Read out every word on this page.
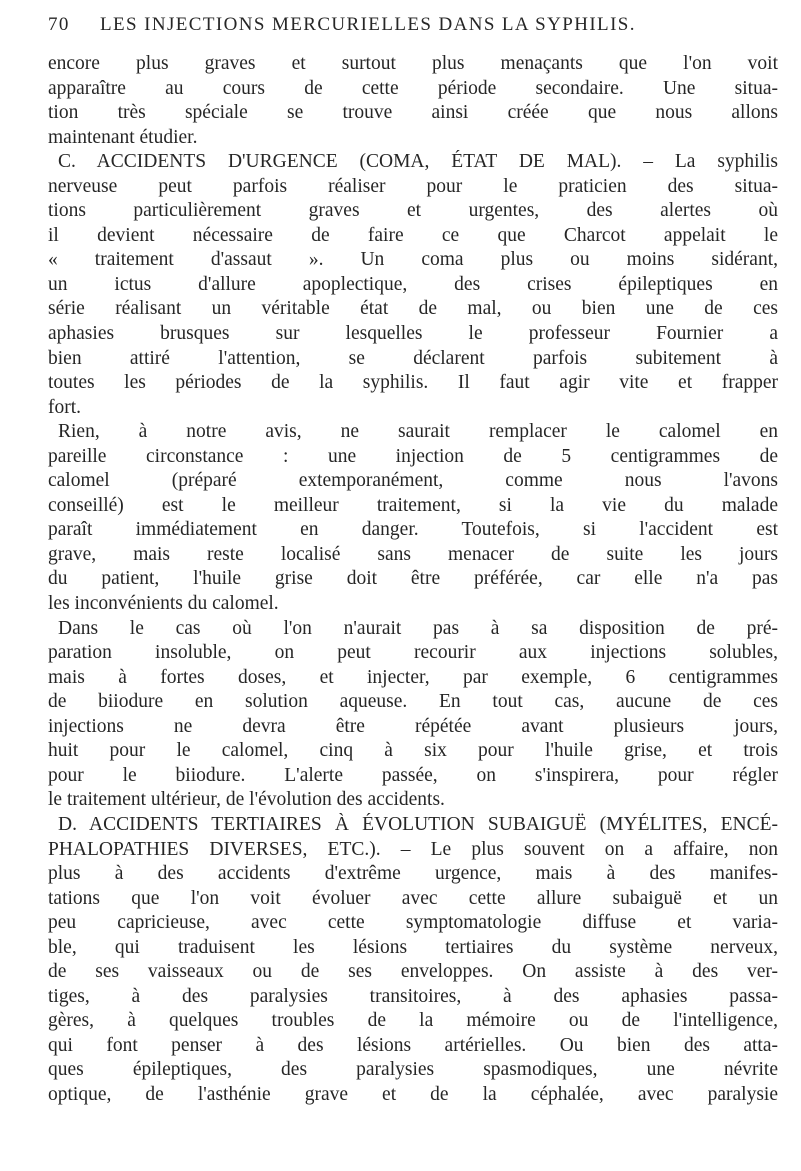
70 LES INJECTIONS MERCURIELLES DANS LA SYPHILIS.
encore plus graves et surtout plus menaçants que l'on voit
apparaître au cours de cette période secondaire. Une situa-
tion très spéciale se trouve ainsi créée que nous allons
maintenant étudier.
C. ACCIDENTS D'URGENCE (COMA, ÉTAT DE MAL). – La syphilis
nerveuse peut parfois réaliser pour le praticien des situa-
tions particulièrement graves et urgentes, des alertes où
il devient nécessaire de faire ce que Charcot appelait le
« traitement d'assaut ». Un coma plus ou moins sidérant,
un ictus d'allure apoplectique, des crises épileptiques en
série réalisant un véritable état de mal, ou bien une de ces
aphasies brusques sur lesquelles le professeur Fournier a
bien attiré l'attention, se déclarent parfois subitement à
toutes les périodes de la syphilis. Il faut agir vite et frapper
fort.
Rien, à notre avis, ne saurait remplacer le calomel en
pareille circonstance : une injection de 5 centigrammes de
calomel (préparé extemporanément, comme nous l'avons
conseillé) est le meilleur traitement, si la vie du malade
paraît immédiatement en danger. Toutefois, si l'accident est
grave, mais reste localisé sans menacer de suite les jours
du patient, l'huile grise doit être préférée, car elle n'a pas
les inconvénients du calomel.
Dans le cas où l'on n'aurait pas à sa disposition de pré-
paration insoluble, on peut recourir aux injections solubles,
mais à fortes doses, et injecter, par exemple, 6 centigrammes
de biiodure en solution aqueuse. En tout cas, aucune de ces
injections ne devra être répétée avant plusieurs jours,
huit pour le calomel, cinq à six pour l'huile grise, et trois
pour le biiodure. L'alerte passée, on s'inspirera, pour régler
le traitement ultérieur, de l'évolution des accidents.
D. ACCIDENTS TERTIAIRES À ÉVOLUTION SUBAIGUË (MYÉLITES, ENCÉ-
PHALOPATHIES DIVERSES, ETC.). – Le plus souvent on a affaire, non
plus à des accidents d'extrême urgence, mais à des manifes-
tations que l'on voit évoluer avec cette allure subaiguë et un
peu capricieuse, avec cette symptomatologie diffuse et varia-
ble, qui traduisent les lésions tertiaires du système nerveux,
de ses vaisseaux ou de ses enveloppes. On assiste à des ver-
tiges, à des paralysies transitoires, à des aphasies passa-
gères, à quelques troubles de la mémoire ou de l'intelligence,
qui font penser à des lésions artérielles. Ou bien des atta-
ques épileptiques, des paralysies spasmodiques, une névrite
optique, de l'asthénie grave et de la céphalée, avec paralysie
